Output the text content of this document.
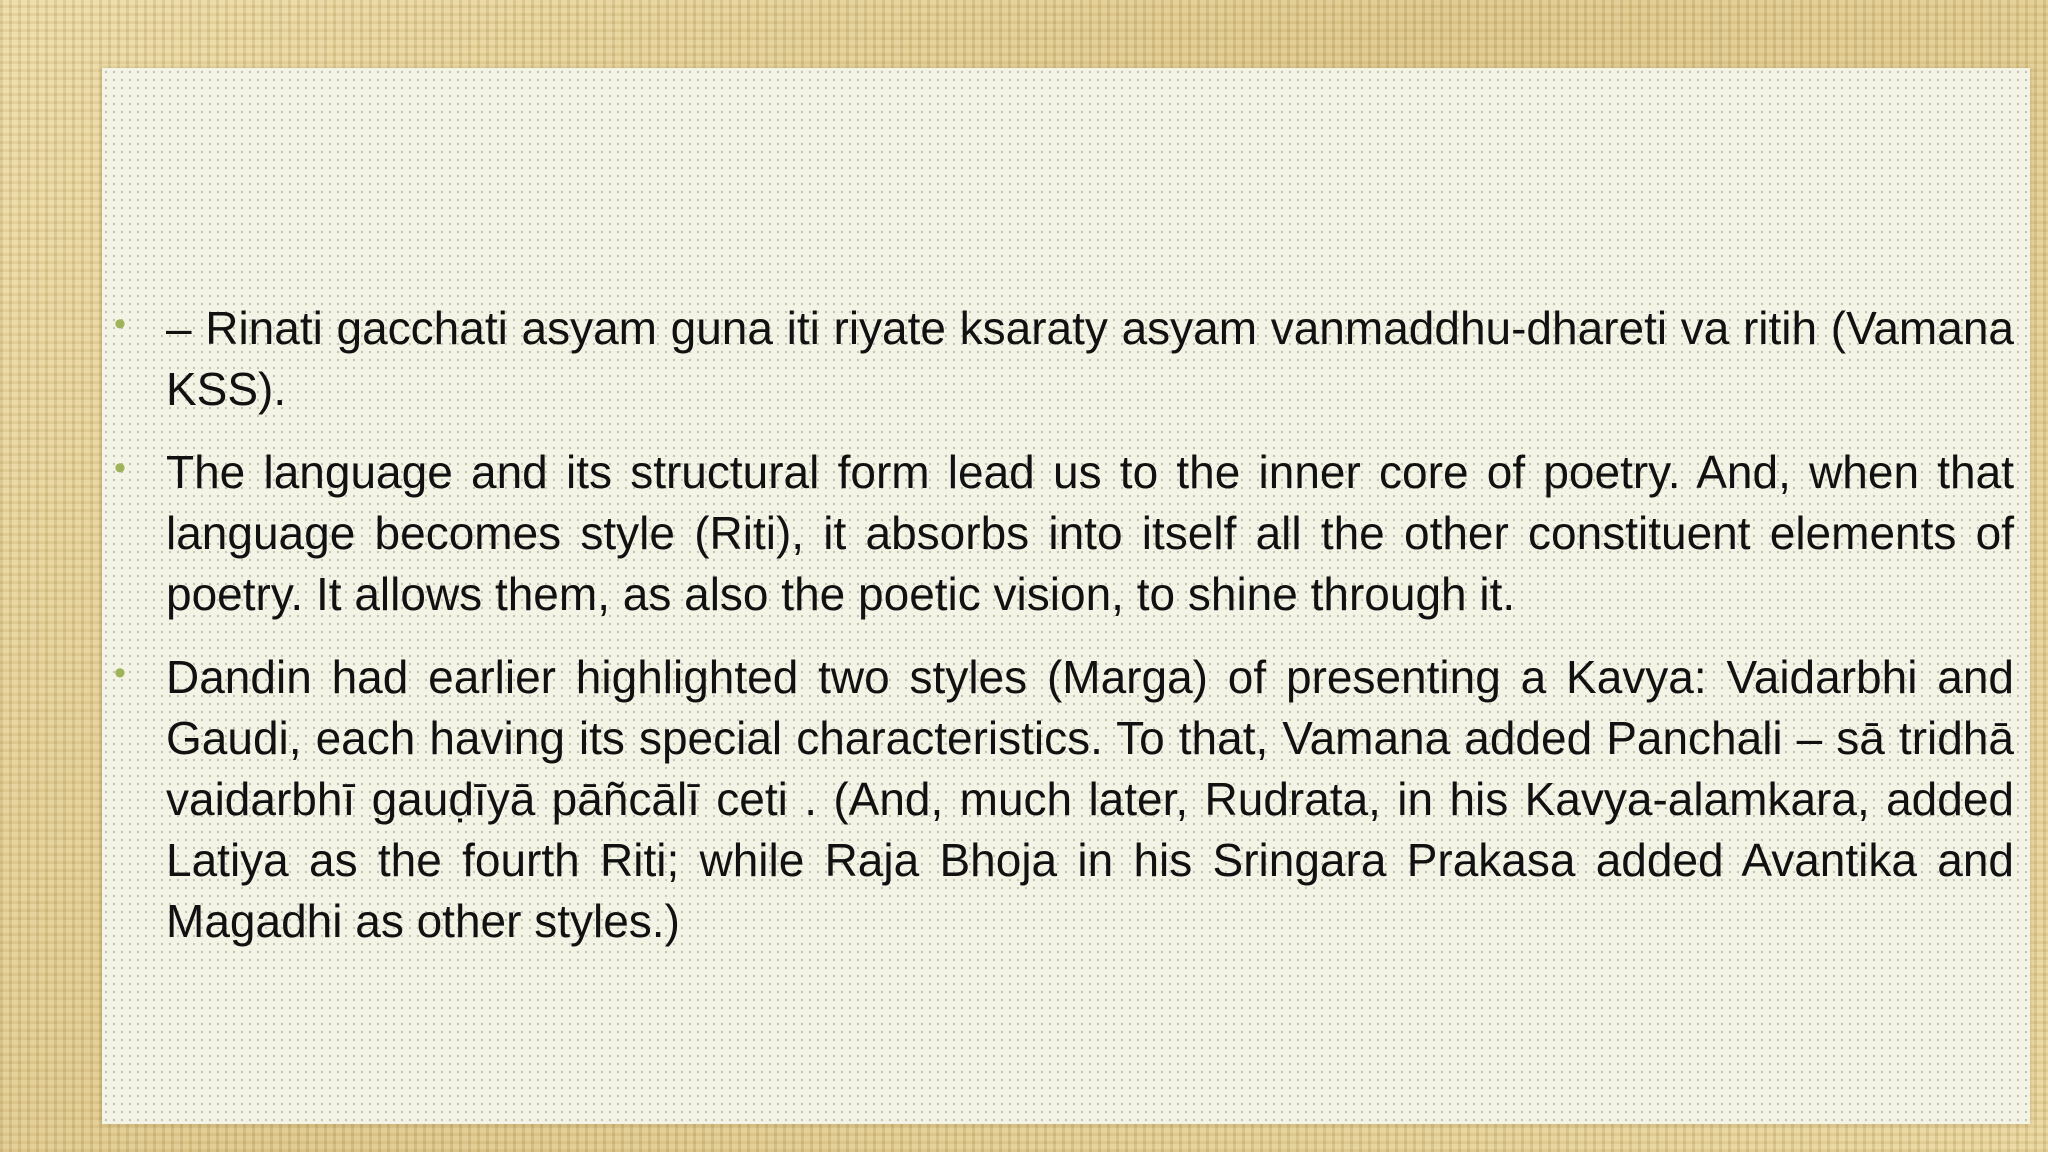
• – Rinati gacchati asyam guna iti riyate ksaraty asyam vanmaddhu-dhareti va ritih (Vamana KSS).
• The language and its structural form lead us to the inner core of poetry. And, when that language becomes style (Riti), it absorbs into itself all the other constituent elements of poetry. It allows them, as also the poetic vision, to shine through it.
• Dandin had earlier highlighted two styles (Marga) of presenting a Kavya: Vaidarbhi and Gaudi, each having its special characteristics. To that, Vamana added Panchali – sā tridhā vaidarbhī gauḍīyā pāñcālī ceti . (And, much later, Rudrata, in his Kavya-alamkara, added Latiya as the fourth Riti; while Raja Bhoja in his Sringara Prakasa added Avantika and Magadhi as other styles.)
